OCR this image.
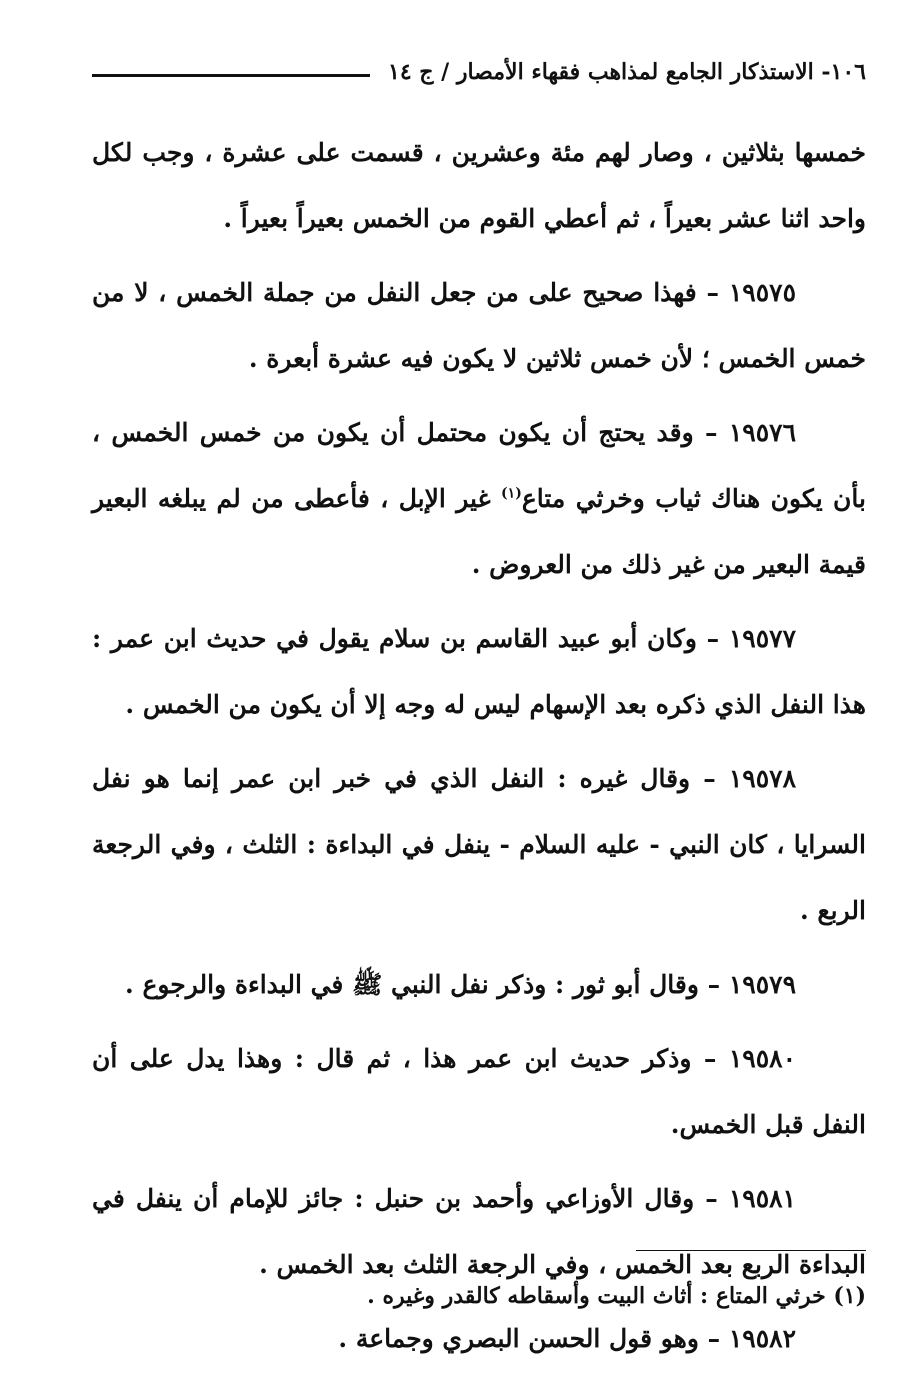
١٠٦- الاستذكار الجامع لمذاهب فقهاء الأمصار / ج ١٤

خمسها بثلاثين ، وصار لهم مئة وعشرين ، قسمت على عشرة ، وجب لكل واحد اثنا عشر بعيراً ، ثم أعطي القوم من الخمس بعيراً بعيراً .

١٩٥٧٥ – فهذا صحيح على من جعل النفل من جملة الخمس ، لا من خمس الخمس ؛ لأن خمس ثلاثين لا يكون فيه عشرة أبعرة .

١٩٥٧٦ – وقد يحتج أن يكون محتمل أن يكون من خمس الخمس ، بأن يكون هناك ثياب وخرثي متاع$^{(١)}$ غير الإبل ، فأعطى من لم يبلغه البعير قيمة البعير من غير ذلك من العروض .

١٩٥٧٧ – وكان أبو عبيد القاسم بن سلام يقول في حديث ابن عمر : هذا النفل الذي ذكره بعد الإسهام ليس له وجه إلا أن يكون من الخمس .

١٩٥٧٨ – وقال غيره : النفل الذي في خبر ابن عمر إنما هو نفل السرايا ، كان النبي - عليه السلام - ينفل في البداءة : الثلث ، وفي الرجعة الربع .

١٩٥٧٩ – وقال أبو ثور : وذكر نفل النبي ﷺ في البداءة والرجوع .

١٩٥٨٠ – وذكر حديث ابن عمر هذا ، ثم قال : وهذا يدل على أن النفل قبل الخمس.

١٩٥٨١ – وقال الأوزاعي وأحمد بن حنبل : جائز للإمام أن ينفل في البداءة الربع بعد الخمس ، وفي الرجعة الثلث بعد الخمس .

١٩٥٨٢ – وهو قول الحسن البصري وجماعة .

(١) خرثي المتاع : أثاث البيت وأسقاطه كالقدر وغيره .
